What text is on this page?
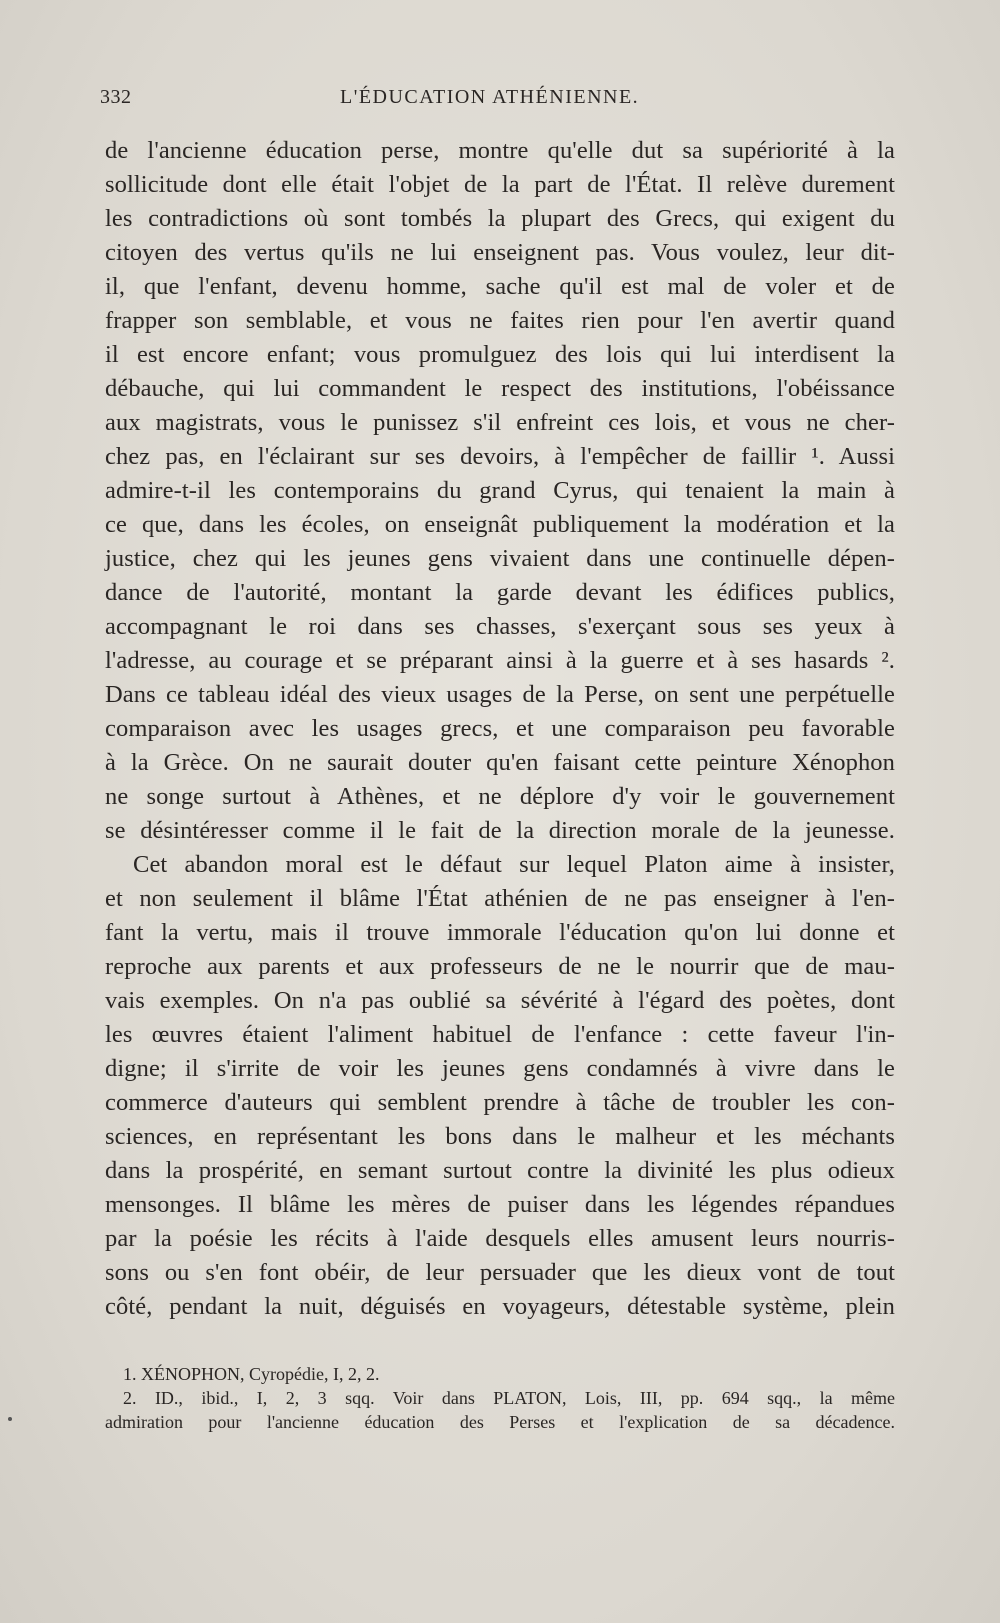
332	L'ÉDUCATION ATHÉNIENNE.
de l'ancienne éducation perse, montre qu'elle dut sa supériorité à la
sollicitude dont elle était l'objet de la part de l'État. Il relève durement
les contradictions où sont tombés la plupart des Grecs, qui exigent du
citoyen des vertus qu'ils ne lui enseignent pas. Vous voulez, leur dit-
il, que l'enfant, devenu homme, sache qu'il est mal de voler et de
frapper son semblable, et vous ne faites rien pour l'en avertir quand
il est encore enfant; vous promulguez des lois qui lui interdisent la
débauche, qui lui commandent le respect des institutions, l'obéissance
aux magistrats, vous le punissez s'il enfreint ces lois, et vous ne cher-
chez pas, en l'éclairant sur ses devoirs, à l'empêcher de faillir ¹. Aussi
admire-t-il les contemporains du grand Cyrus, qui tenaient la main à
ce que, dans les écoles, on enseignât publiquement la modération et la
justice, chez qui les jeunes gens vivaient dans une continuelle dépen-
dance de l'autorité, montant la garde devant les édifices publics,
accompagnant le roi dans ses chasses, s'exerçant sous ses yeux à
l'adresse, au courage et se préparant ainsi à la guerre et à ses hasards ².
Dans ce tableau idéal des vieux usages de la Perse, on sent une perpétuelle
comparaison avec les usages grecs, et une comparaison peu favorable
à la Grèce. On ne saurait douter qu'en faisant cette peinture Xénophon
ne songe surtout à Athènes, et ne déplore d'y voir le gouvernement
se désintéresser comme il le fait de la direction morale de la jeunesse.
Cet abandon moral est le défaut sur lequel Platon aime à insister,
et non seulement il blâme l'État athénien de ne pas enseigner à l'en-
fant la vertu, mais il trouve immorale l'éducation qu'on lui donne et
reproche aux parents et aux professeurs de ne le nourrir que de mau-
vais exemples. On n'a pas oublié sa sévérité à l'égard des poètes, dont
les œuvres étaient l'aliment habituel de l'enfance : cette faveur l'in-
digne; il s'irrite de voir les jeunes gens condamnés à vivre dans le
commerce d'auteurs qui semblent prendre à tâche de troubler les con-
sciences, en représentant les bons dans le malheur et les méchants
dans la prospérité, en semant surtout contre la divinité les plus odieux
mensonges. Il blâme les mères de puiser dans les légendes répandues
par la poésie les récits à l'aide desquels elles amusent leurs nourris-
sons ou s'en font obéir, de leur persuader que les dieux vont de tout
côté, pendant la nuit, déguisés en voyageurs, détestable système, plein
1. XÉNOPHON, Cyropédie, I, 2, 2.
2. ID., ibid., I, 2, 3 sqq. Voir dans PLATON, Lois, III, pp. 694 sqq., la même
admiration pour l'ancienne éducation des Perses et l'explication de sa décadence.
